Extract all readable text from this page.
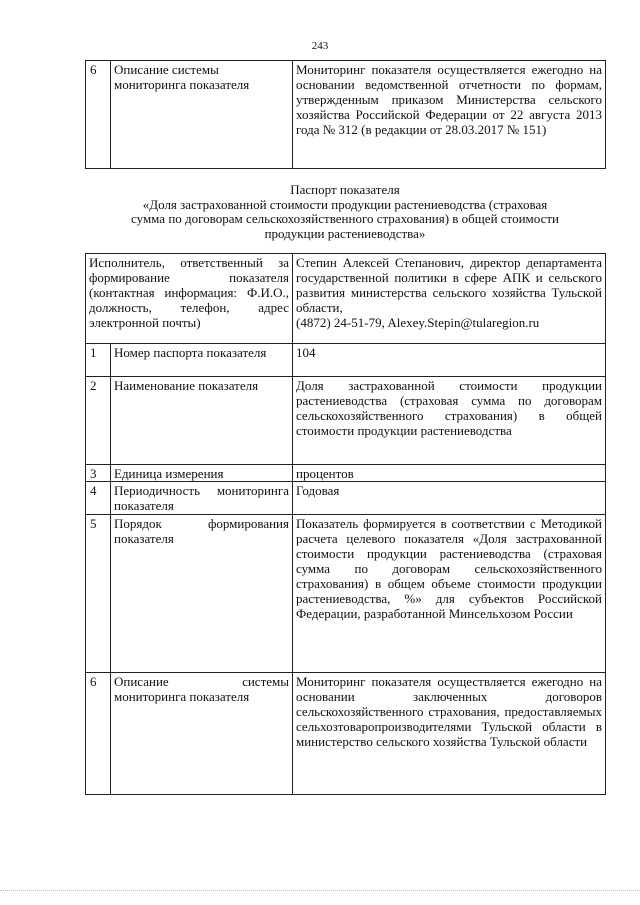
243
6	Описание системы мониторинга показателя	Мониторинг показателя осуществляется ежегодно на основании ведомственной отчетности по формам, утвержденным приказом Министерства сельского хозяйства Российской Федерации от 22 августа 2013 года № 312 (в редакции от 28.03.2017 № 151)
Паспорт показателя
«Доля застрахованной стоимости продукции растениеводства (страховая
сумма по договорам сельскохозяйственного страхования) в общей стоимости
продукции растениеводства»
Исполнитель, ответственный за формирование показателя (контактная информация: Ф.И.О., должность, телефон, адрес электронной почты)		Степин Алексей Степанович, директор департамента государственной политики в сфере АПК и сельского развития министерства сельского хозяйства Тульской области,
(4872) 24-51-79, Alexey.Stepin@tularegion.ru

1	Номер паспорта показателя	104
2	Наименование показателя	Доля застрахованной стоимости продукции растениеводства (страховая сумма по договорам сельскохозяйственного страхования) в общей стоимости продукции растениеводства
3	Единица измерения	процентов
4	Периодичность мониторинга показателя	Годовая
5	Порядок формирования показателя	Показатель формируется в соответствии с Методикой расчета целевого показателя «Доля застрахованной стоимости продукции растениеводства (страховая сумма по договорам сельскохозяйственного страхования) в общем объеме стоимости продукции растениеводства, %» для субъектов Российской Федерации, разработанной Минсельхозом России
6	Описание системы мониторинга показателя	Мониторинг показателя осуществляется ежегодно на основании заключенных договоров сельскохозяйственного страхования, предоставляемых сельхозтоваропроизводителями Тульской области в министерство сельского хозяйства Тульской области
